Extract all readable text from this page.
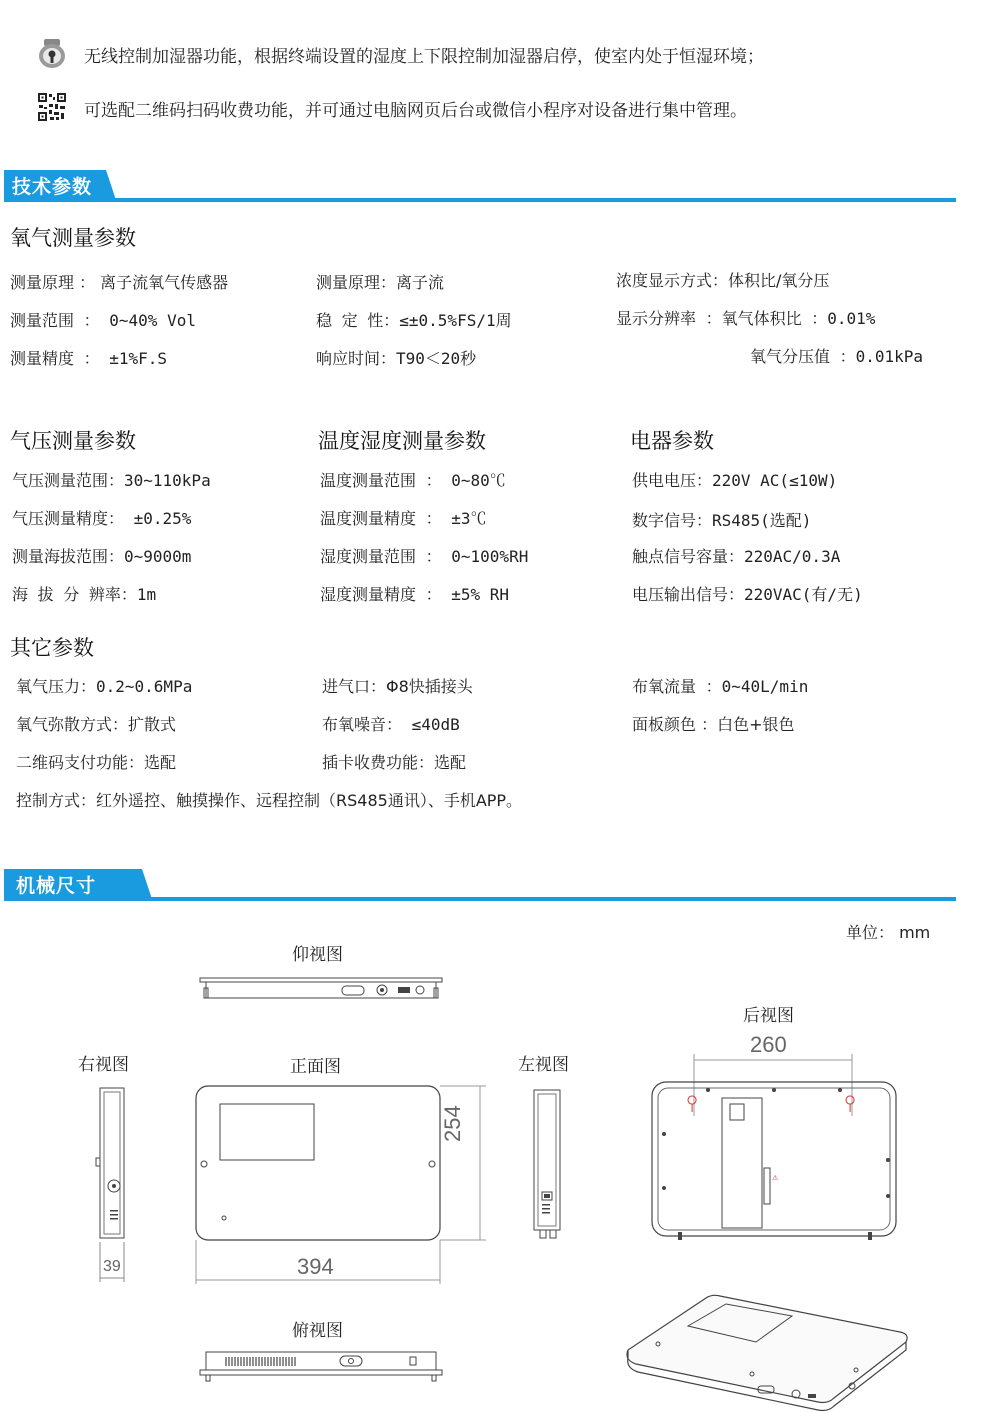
无线控制加湿器功能，根据终端设置的湿度上下限控制加湿器启停，使室内处于恒湿环境；
可选配二维码扫码收费功能，并可通过电脑网页后台或微信小程序对设备进行集中管理。
技术参数
氧气测量参数
测量原理 ： 离子流氧气传感器
测量范围 ： 0~40% Vol
测量精度 ： ±1%F.S
测量原理：离子流
稳 定 性：≤±0.5%FS/1周
响应时间：T90＜20秒
浓度显示方式：体积比/氧分压
显示分辨率 ：氧气体积比 ：0.01%
氧气分压值 ：0.01kPa
气压测量参数	温度湿度测量参数	电器参数
气压测量范围：30~110kPa
气压测量精度： ±0.25%
测量海拔范围：0~9000m
海 拔 分 辨率：1m
温度测量范围 ： 0~80℃
温度测量精度 ： ±3℃
湿度测量范围 ： 0~100%RH
湿度测量精度 ： ±5% RH
供电电压：220V AC(≤10W)
数字信号：RS485(选配)
触点信号容量：220AC/0.3A
电压输出信号：220VAC(有/无)
其它参数
氧气压力：0.2~0.6MPa
氧气弥散方式：扩散式
二维码支付功能：选配
进气口：Φ8快插接头
布氧噪音： ≤40dB
插卡收费功能：选配
布氧流量 ：0~40L/min
面板颜色 ：白色+银色
控制方式：红外遥控、触摸操作、远程控制（RS485通讯）、手机APP。
机械尺寸
单位： mm
仰视图
右视图	正面图	左视图
后视图
俯视图
39	394
254
⚠
260
